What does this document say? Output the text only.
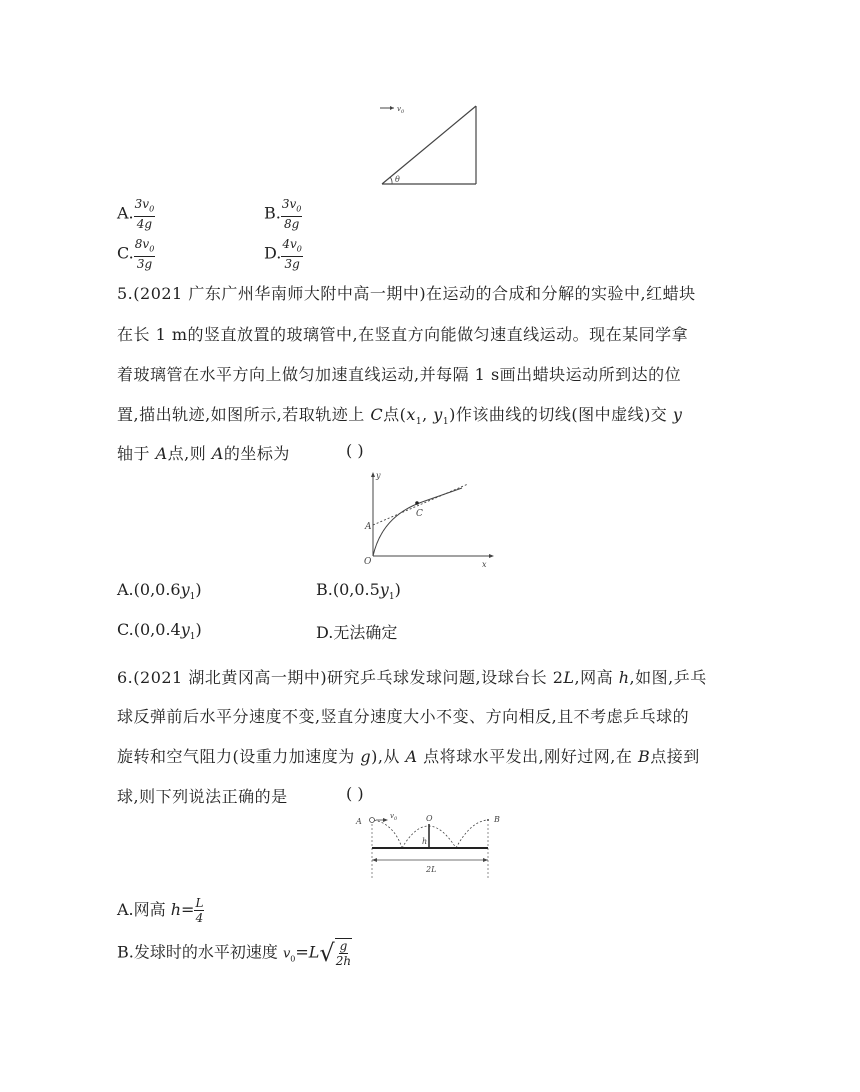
$v_0$
θ
A. $\frac{3v_0}{4g}$	B. $\frac{3v_0}{8g}$
C. $\frac{8v_0}{3g}$	D. $\frac{4v_0}{3g}$
5.(2021 广东广州华南师大附中高一期中)在运动的合成和分解的实验中,红蜡块
在长 1 m的竖直放置的玻璃管中,在竖直方向能做匀速直线运动。现在某同学拿
着玻璃管在水平方向上做匀加速直线运动,并每隔 1 s画出蜡块运动所到达的位
置,描出轨迹,如图所示,若取轨迹上 C点($x_1$, $y_1$)作该曲线的切线(图中虚线)交 y
轴于 A点,则 A的坐标为	( )
y
x
O
C
A
$A.(0,0.6y_1)$	$B.(0,0.5y_1)$
$C.(0,0.4y_1)$	D.无法确定
6.(2021 湖北黄冈高一期中)研究乒乓球发球问题,设球台长 2L,网高 h,如图,乒乓
球反弹前后水平分速度不变,竖直分速度大小不变、方向相反,且不考虑乒乓球的
旋转和空气阻力(设重力加速度为 g),从 A 点将球水平发出,刚好过网,在 B点接到
球,则下列说法正确的是	( )
A
$v_0$	O
h
B
2L
A.网高 $h= \frac{L}{4}$
B.发球时的水平初速度 $v_0=L√ \frac{g}{2h}$
